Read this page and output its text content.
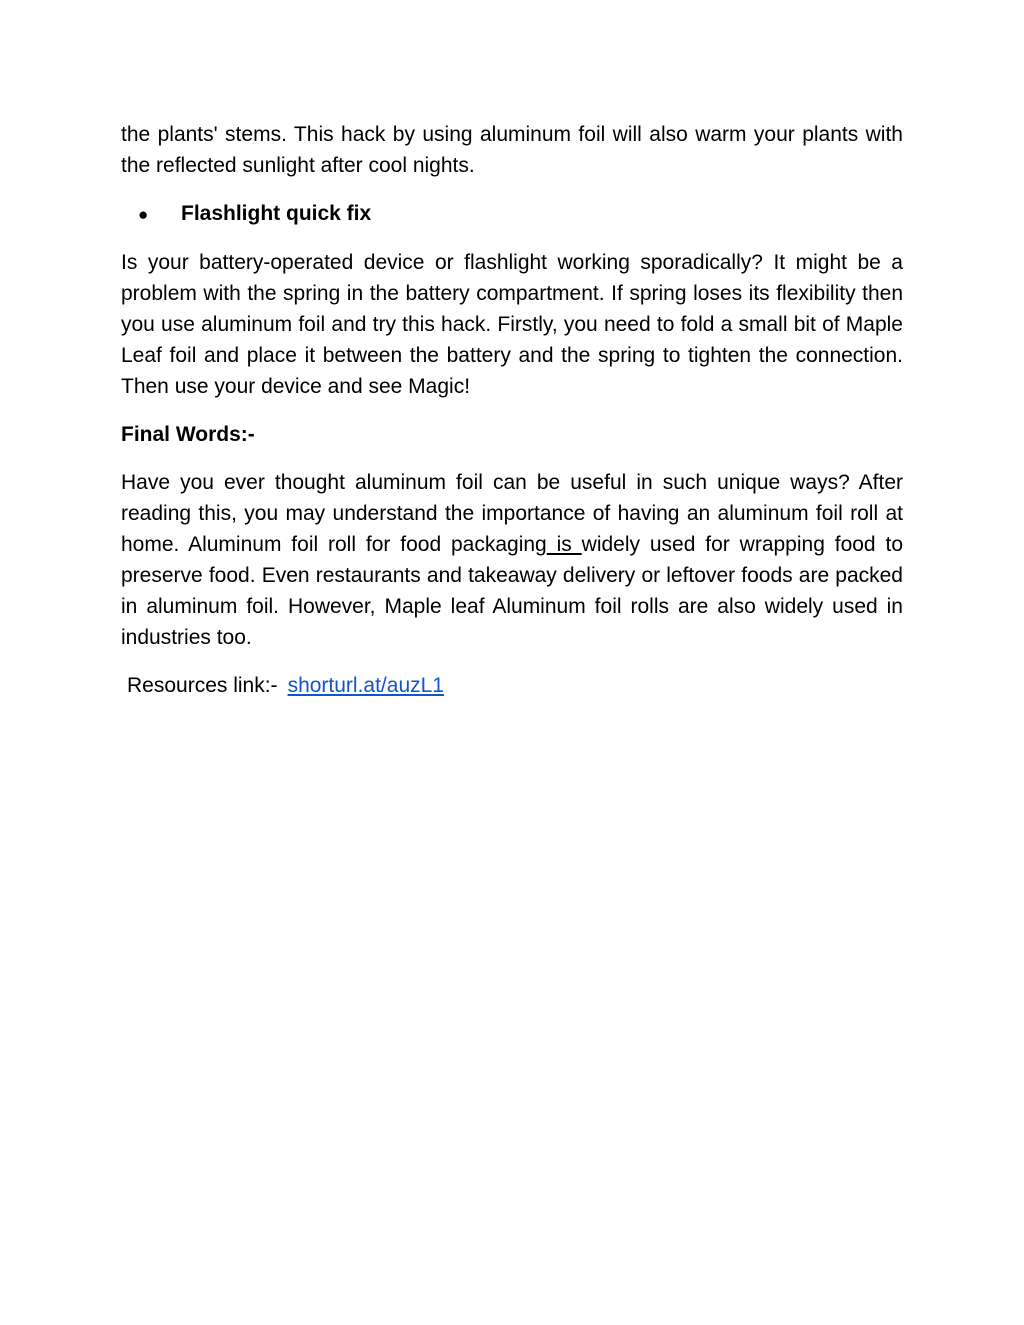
the plants' stems. This hack by using aluminum foil will also warm your plants with the reflected sunlight after cool nights.

●	Flashlight quick fix

Is your battery-operated device or flashlight working sporadically? It might be a problem with the spring in the battery compartment. If spring loses its flexibility then you use aluminum foil and try this hack. Firstly, you need to fold a small bit of Maple Leaf foil and place it between the battery and the spring to tighten the connection. Then use your device and see Magic!

Final Words:-

Have you ever thought aluminum foil can be useful in such unique ways? After reading this, you may understand the importance of having an aluminum foil roll at home. Aluminum foil roll for food packaging is widely used for wrapping food to preserve food. Even restaurants and takeaway delivery or leftover foods are packed in aluminum foil. However, Maple leaf Aluminum foil rolls are also widely used in industries too.

Resources link:- shorturl.at/auzL1
